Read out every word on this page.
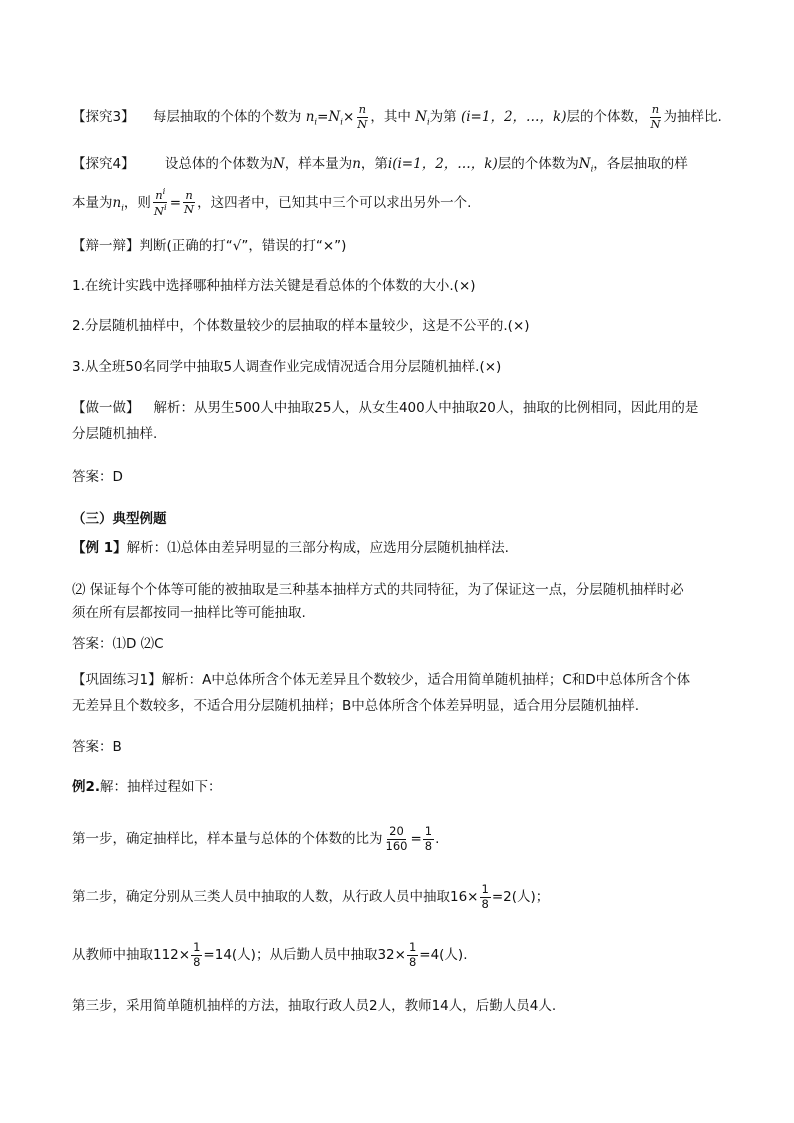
【探究3】 每层抽取的个体的个数为 $n_i=N_i\times \frac{n}{N}$ ，其中 $N_i$为第 (i=1，2，…，k)层的个体数， $\frac{n}{N}$ 为抽样比.
【探究4】 设总体的个体数为N，样本量为n，第i(i=1，2，…，k)层的个体数为$N_i$，各层抽取的样
本量为$n_i$，则 $\frac{n^i}{N^i} = \frac{n}{N}$ ，这四者中，已知其中三个可以求出另外一个.
【辩一辩】判断(正确的打“√”，错误的打“×”)
1.在统计实践中选择哪种抽样方法关键是看总体的个体数的大小.(×)
2.分层随机抽样中，个体数量较少的层抽取的样本量较少，这是不公平的.(×)
3.从全班50名同学中抽取5人调查作业完成情况适合用分层随机抽样.(×)
【做一做】 解析：从男生500人中抽取25人，从女生400人中抽取20人，抽取的比例相同，因此用的是
分层随机抽样.
答案：D
（三）典型例题
【例 1】解析：⑴总体由差异明显的三部分构成，应选用分层随机抽样法.
⑵ 保证每个个体等可能的被抽取是三种基本抽样方式的共同特征，为了保证这一点，分层随机抽样时必
须在所有层都按同一抽样比等可能抽取.
答案：⑴D ⑵C
【巩固练习1】解析：A中总体所含个体无差异且个数较少，适合用简单随机抽样；C和D中总体所含个体
无差异且个数较多，不适合用分层随机抽样；B中总体所含个体差异明显，适合用分层随机抽样.
答案：B
例2.解：抽样过程如下：
第一步，确定抽样比，样本量与总体的个体数的比为 $\frac{20}{160} = \frac{1}{8}$ .
第二步，确定分别从三类人员中抽取的人数，从行政人员中抽取$16\times \frac{1}{8} =2$(人)；
从教师中抽取$112\times \frac{1}{8} =14$(人)；从后勤人员中抽取$32\times \frac{1}{8} =4$(人).
第三步，采用简单随机抽样的方法，抽取行政人员2人，教师14人，后勤人员4人.
